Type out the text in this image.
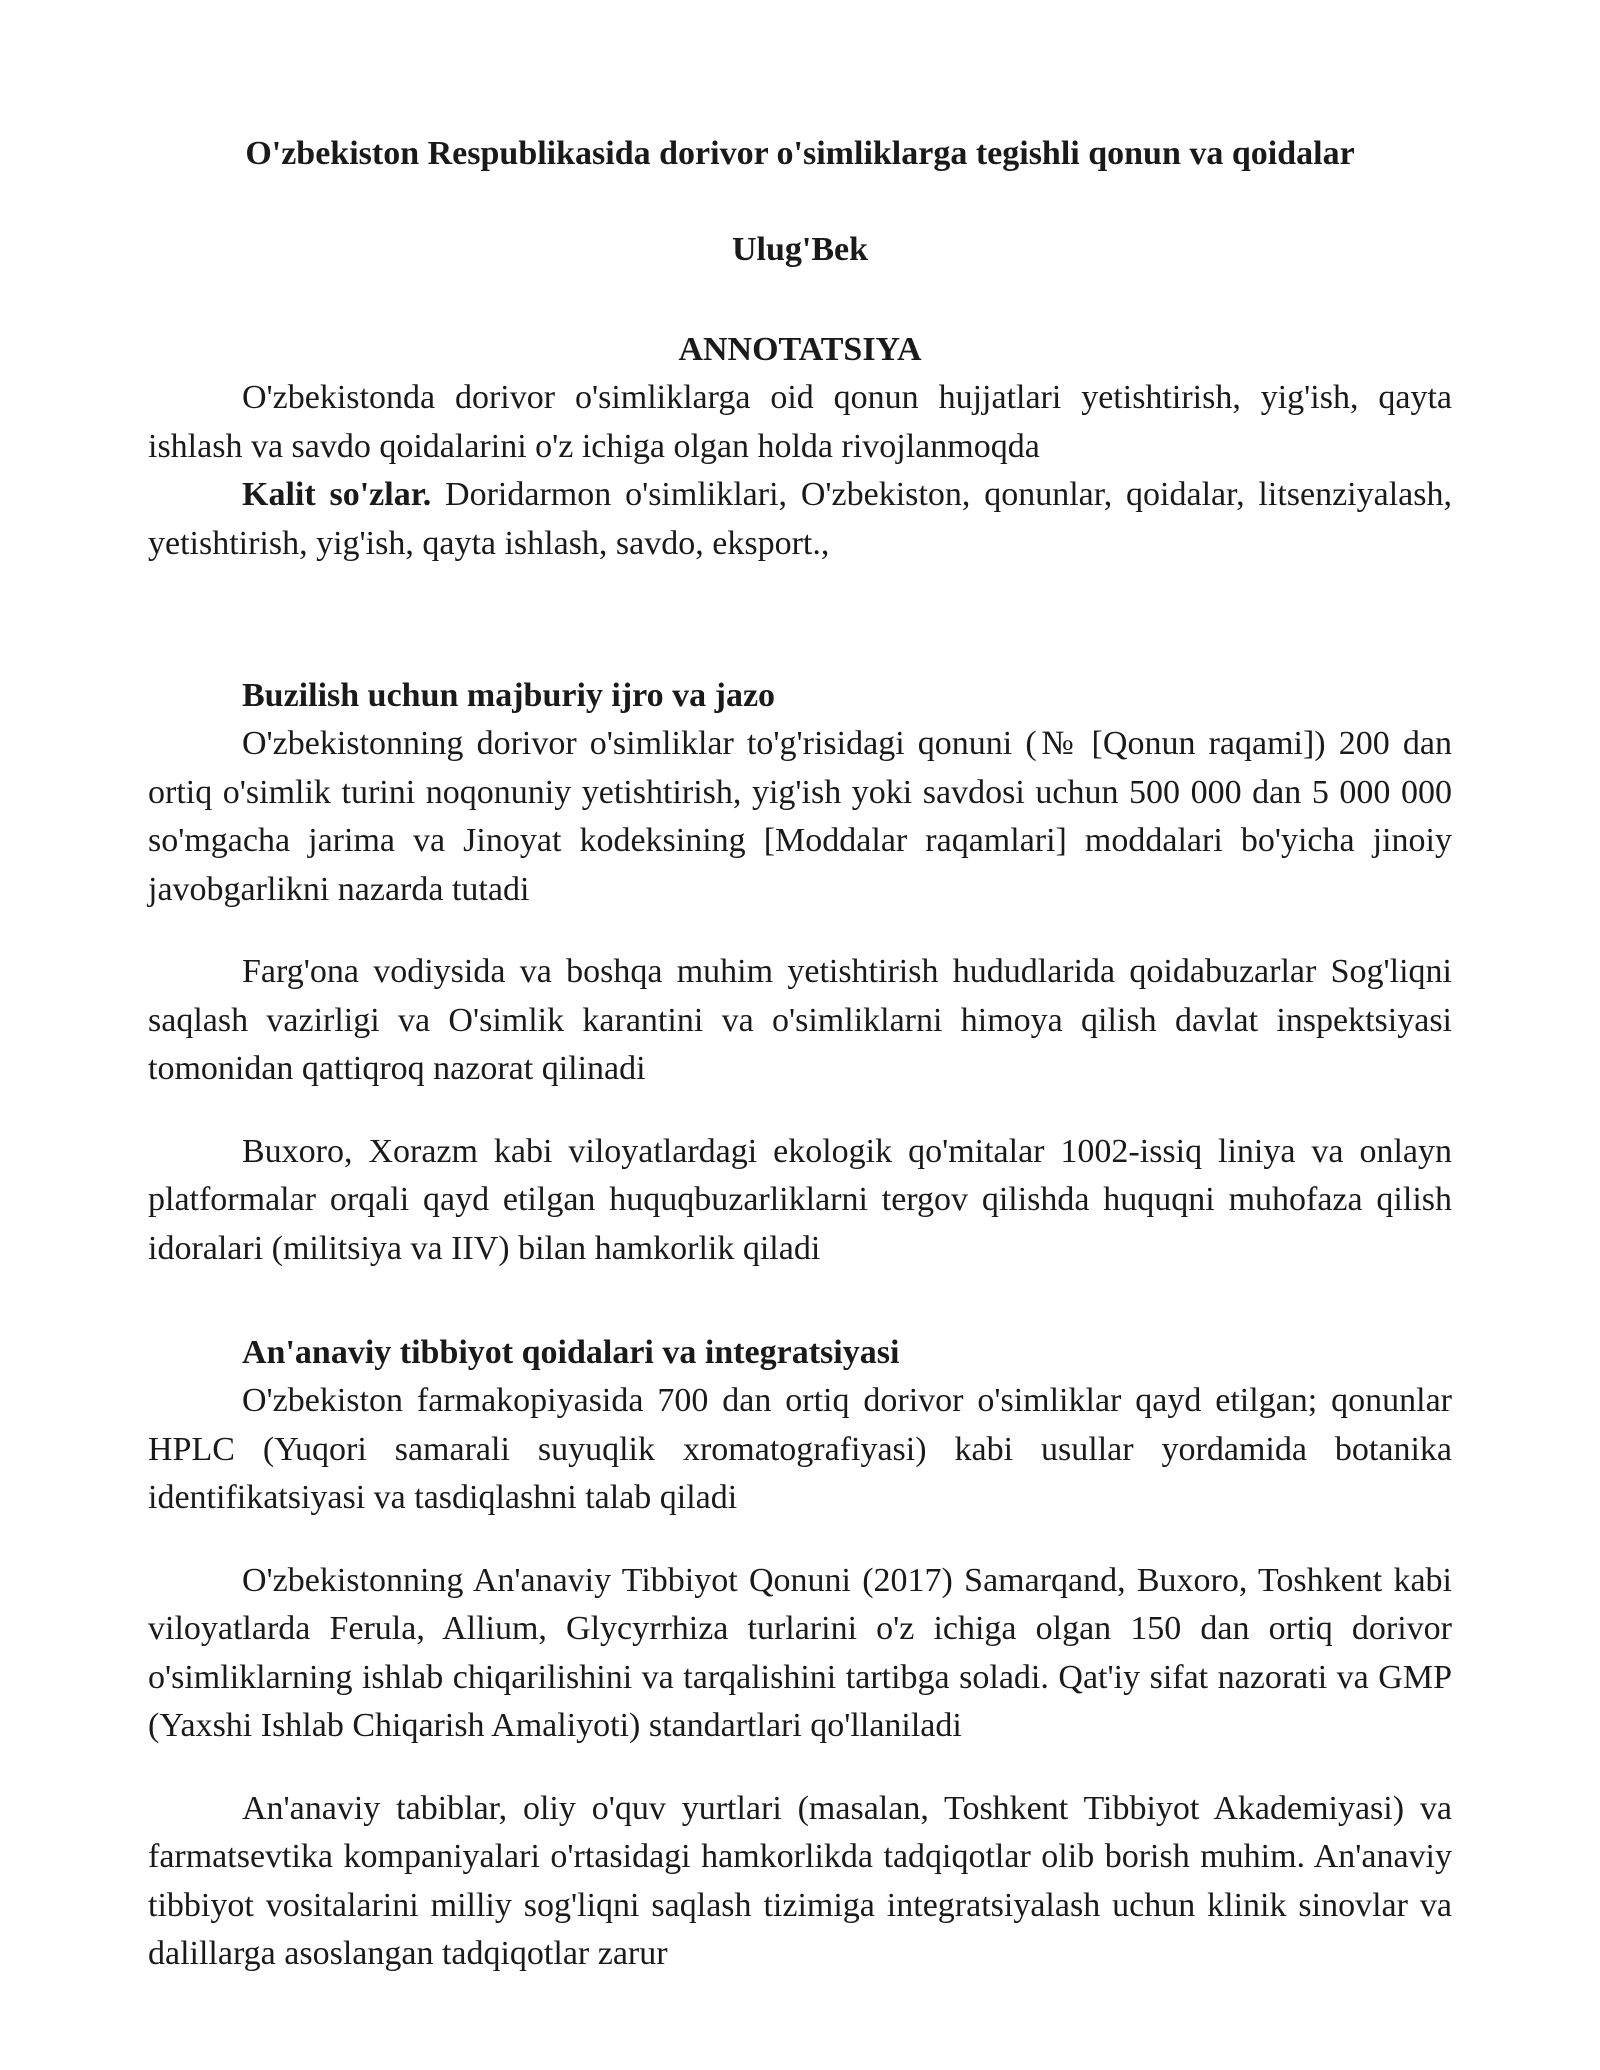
O'zbekiston Respublikasida dorivor o'simliklarga tegishli qonun va qoidalar
Ulug'Bek
ANNOTATSIYA

O'zbekistonda dorivor o'simliklarga oid qonun hujjatlari yetishtirish, yig'ish, qayta ishlash va savdo qoidalarini o'z ichiga olgan holda rivojlanmoqda

Kalit so'zlar. Doridarmon o'simliklari, O'zbekiston, qonunlar, qoidalar, litsenziyalash, yetishtirish, yig'ish, qayta ishlash, savdo, eksport.,

Buzilish uchun majburiy ijro va jazo

O'zbekistonning dorivor o'simliklar to'g'risidagi qonuni (№ [Qonun raqami]) 200 dan ortiq o'simlik turini noqonuniy yetishtirish, yig'ish yoki savdosi uchun 500 000 dan 5 000 000 so'mgacha jarima va Jinoyat kodeksining [Moddalar raqamlari] moddalari bo'yicha jinoiy javobgarlikni nazarda tutadi

Farg'ona vodiysida va boshqa muhim yetishtirish hududlarida qoidabuzarlar Sog'liqni saqlash vazirligi va O'simlik karantini va o'simliklarni himoya qilish davlat inspektsiyasi tomonidan qattiqroq nazorat qilinadi

Buxoro, Xorazm kabi viloyatlardagi ekologik qo'mitalar 1002-issiq liniya va onlayn platformalar orqali qayd etilgan huquqbuzarliklarni tergov qilishda huquqni muhofaza qilish idoralari (militsiya va IIV) bilan hamkorlik qiladi

An'anaviy tibbiyot qoidalari va integratsiyasi

O'zbekiston farmakopiyasida 700 dan ortiq dorivor o'simliklar qayd etilgan; qonunlar HPLC (Yuqori samarali suyuqlik xromatografiyasi) kabi usullar yordamida botanika identifikatsiyasi va tasdiqlashni talab qiladi

O'zbekistonning An'anaviy Tibbiyot Qonuni (2017) Samarqand, Buxoro, Toshkent kabi viloyatlarda Ferula, Allium, Glycyrrhiza turlarini o'z ichiga olgan 150 dan ortiq dorivor o'simliklarning ishlab chiqarilishini va tarqalishini tartibga soladi. Qat'iy sifat nazorati va GMP (Yaxshi Ishlab Chiqarish Amaliyoti) standartlari qo'llaniladi

An'anaviy tabiblar, oliy o'quv yurtlari (masalan, Toshkent Tibbiyot Akademiyasi) va farmatsevtika kompaniyalari o'rtasidagi hamkorlikda tadqiqotlar olib borish muhim. An'anaviy tibbiyot vositalarini milliy sog'liqni saqlash tizimiga integratsiyalash uchun klinik sinovlar va dalillarga asoslangan tadqiqotlar zarur
